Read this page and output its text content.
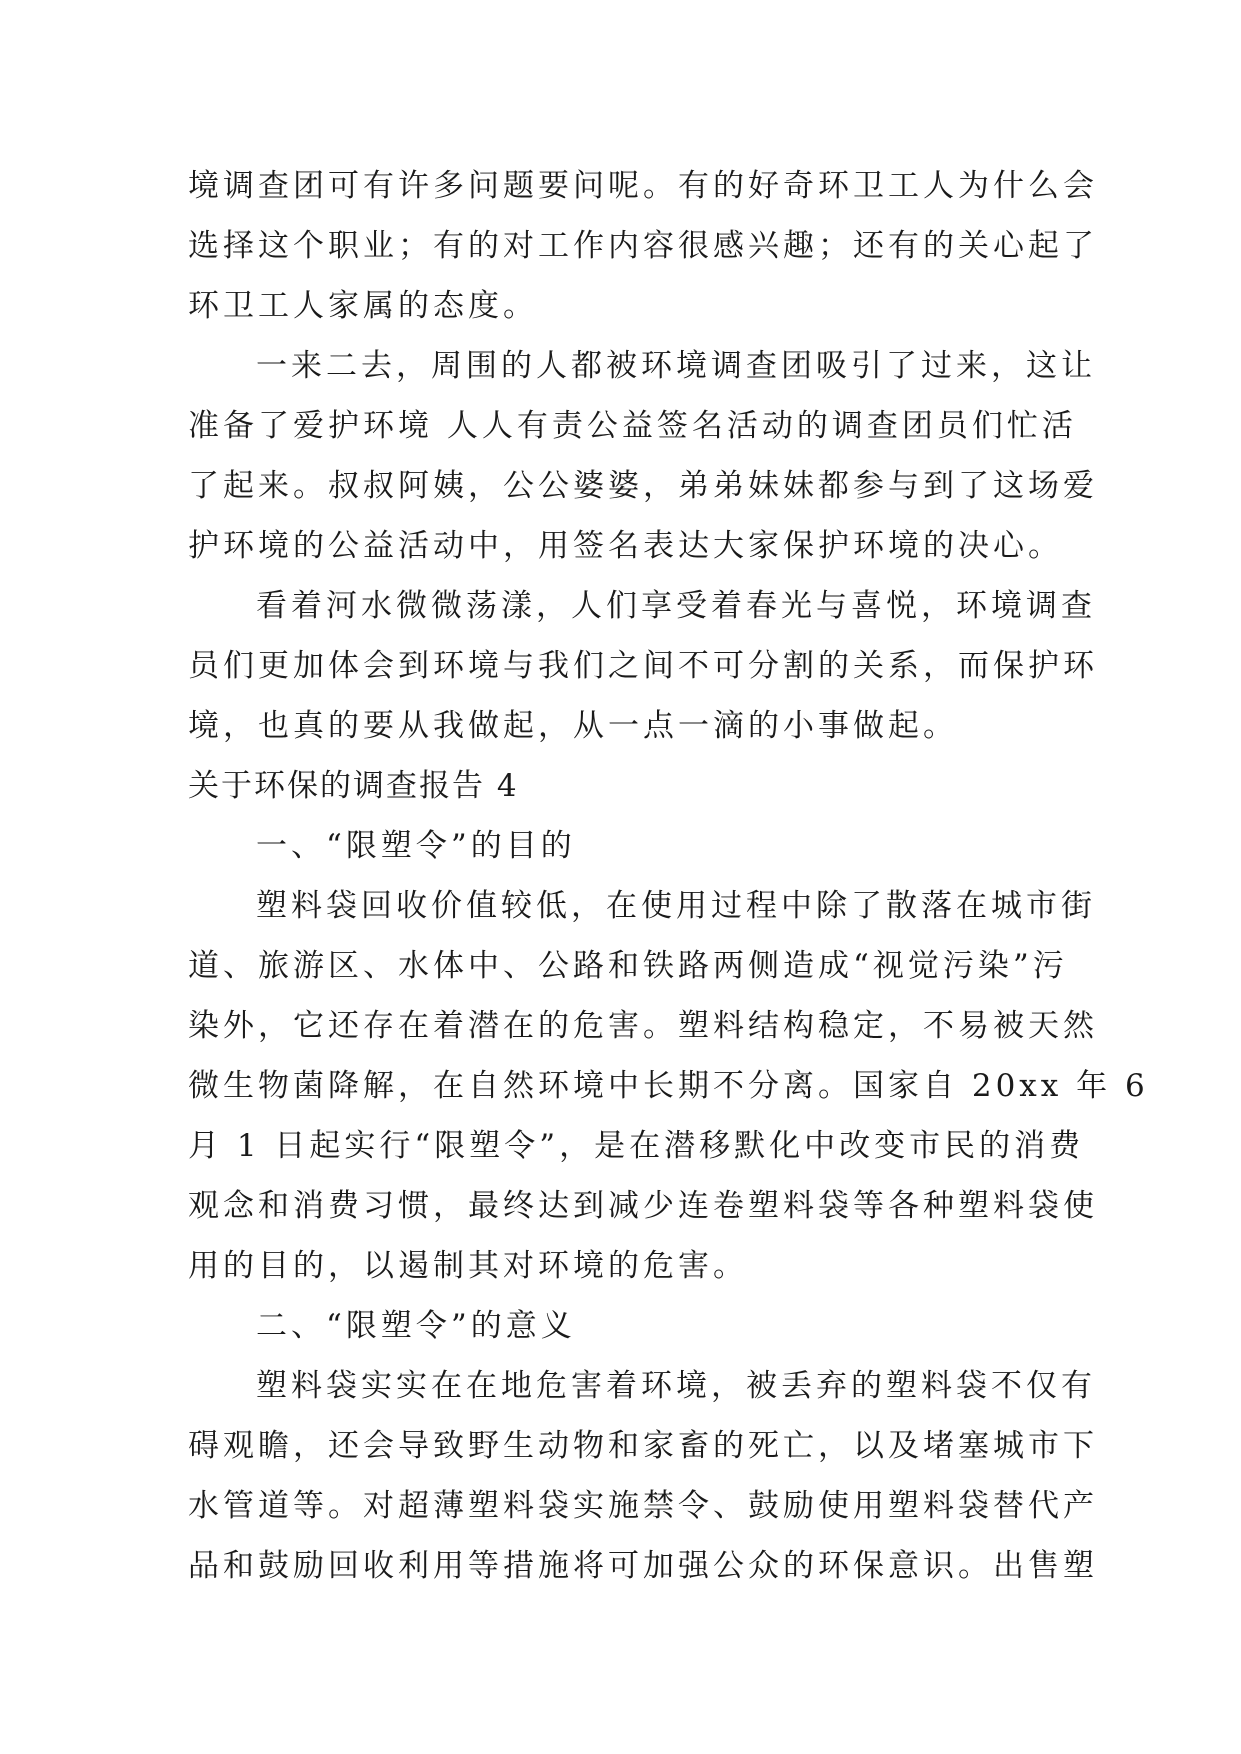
境调查团可有许多问题要问呢。有的好奇环卫工人为什么会
选择这个职业；有的对工作内容很感兴趣；还有的关心起了
环卫工人家属的态度。
一来二去，周围的人都被环境调查团吸引了过来，这让
准备了爱护环境 人人有责公益签名活动的调查团员们忙活
了起来。叔叔阿姨，公公婆婆，弟弟妹妹都参与到了这场爱
护环境的公益活动中，用签名表达大家保护环境的决心。
看着河水微微荡漾，人们享受着春光与喜悦，环境调查
员们更加体会到环境与我们之间不可分割的关系，而保护环
境，也真的要从我做起，从一点一滴的小事做起。
关于环保的调查报告 4
一、“限塑令”的目的
塑料袋回收价值较低，在使用过程中除了散落在城市街
道、旅游区、水体中、公路和铁路两侧造成“视觉污染”污
染外，它还存在着潜在的危害。塑料结构稳定，不易被天然
微生物菌降解，在自然环境中长期不分离。国家自 20xx 年 6
月 1 日起实行“限塑令”，是在潜移默化中改变市民的消费
观念和消费习惯，最终达到减少连卷塑料袋等各种塑料袋使
用的目的，以遏制其对环境的危害。
二、“限塑令”的意义
塑料袋实实在在地危害着环境，被丢弃的塑料袋不仅有
碍观瞻，还会导致野生动物和家畜的死亡，以及堵塞城市下
水管道等。对超薄塑料袋实施禁令、鼓励使用塑料袋替代产
品和鼓励回收利用等措施将可加强公众的环保意识。出售塑
